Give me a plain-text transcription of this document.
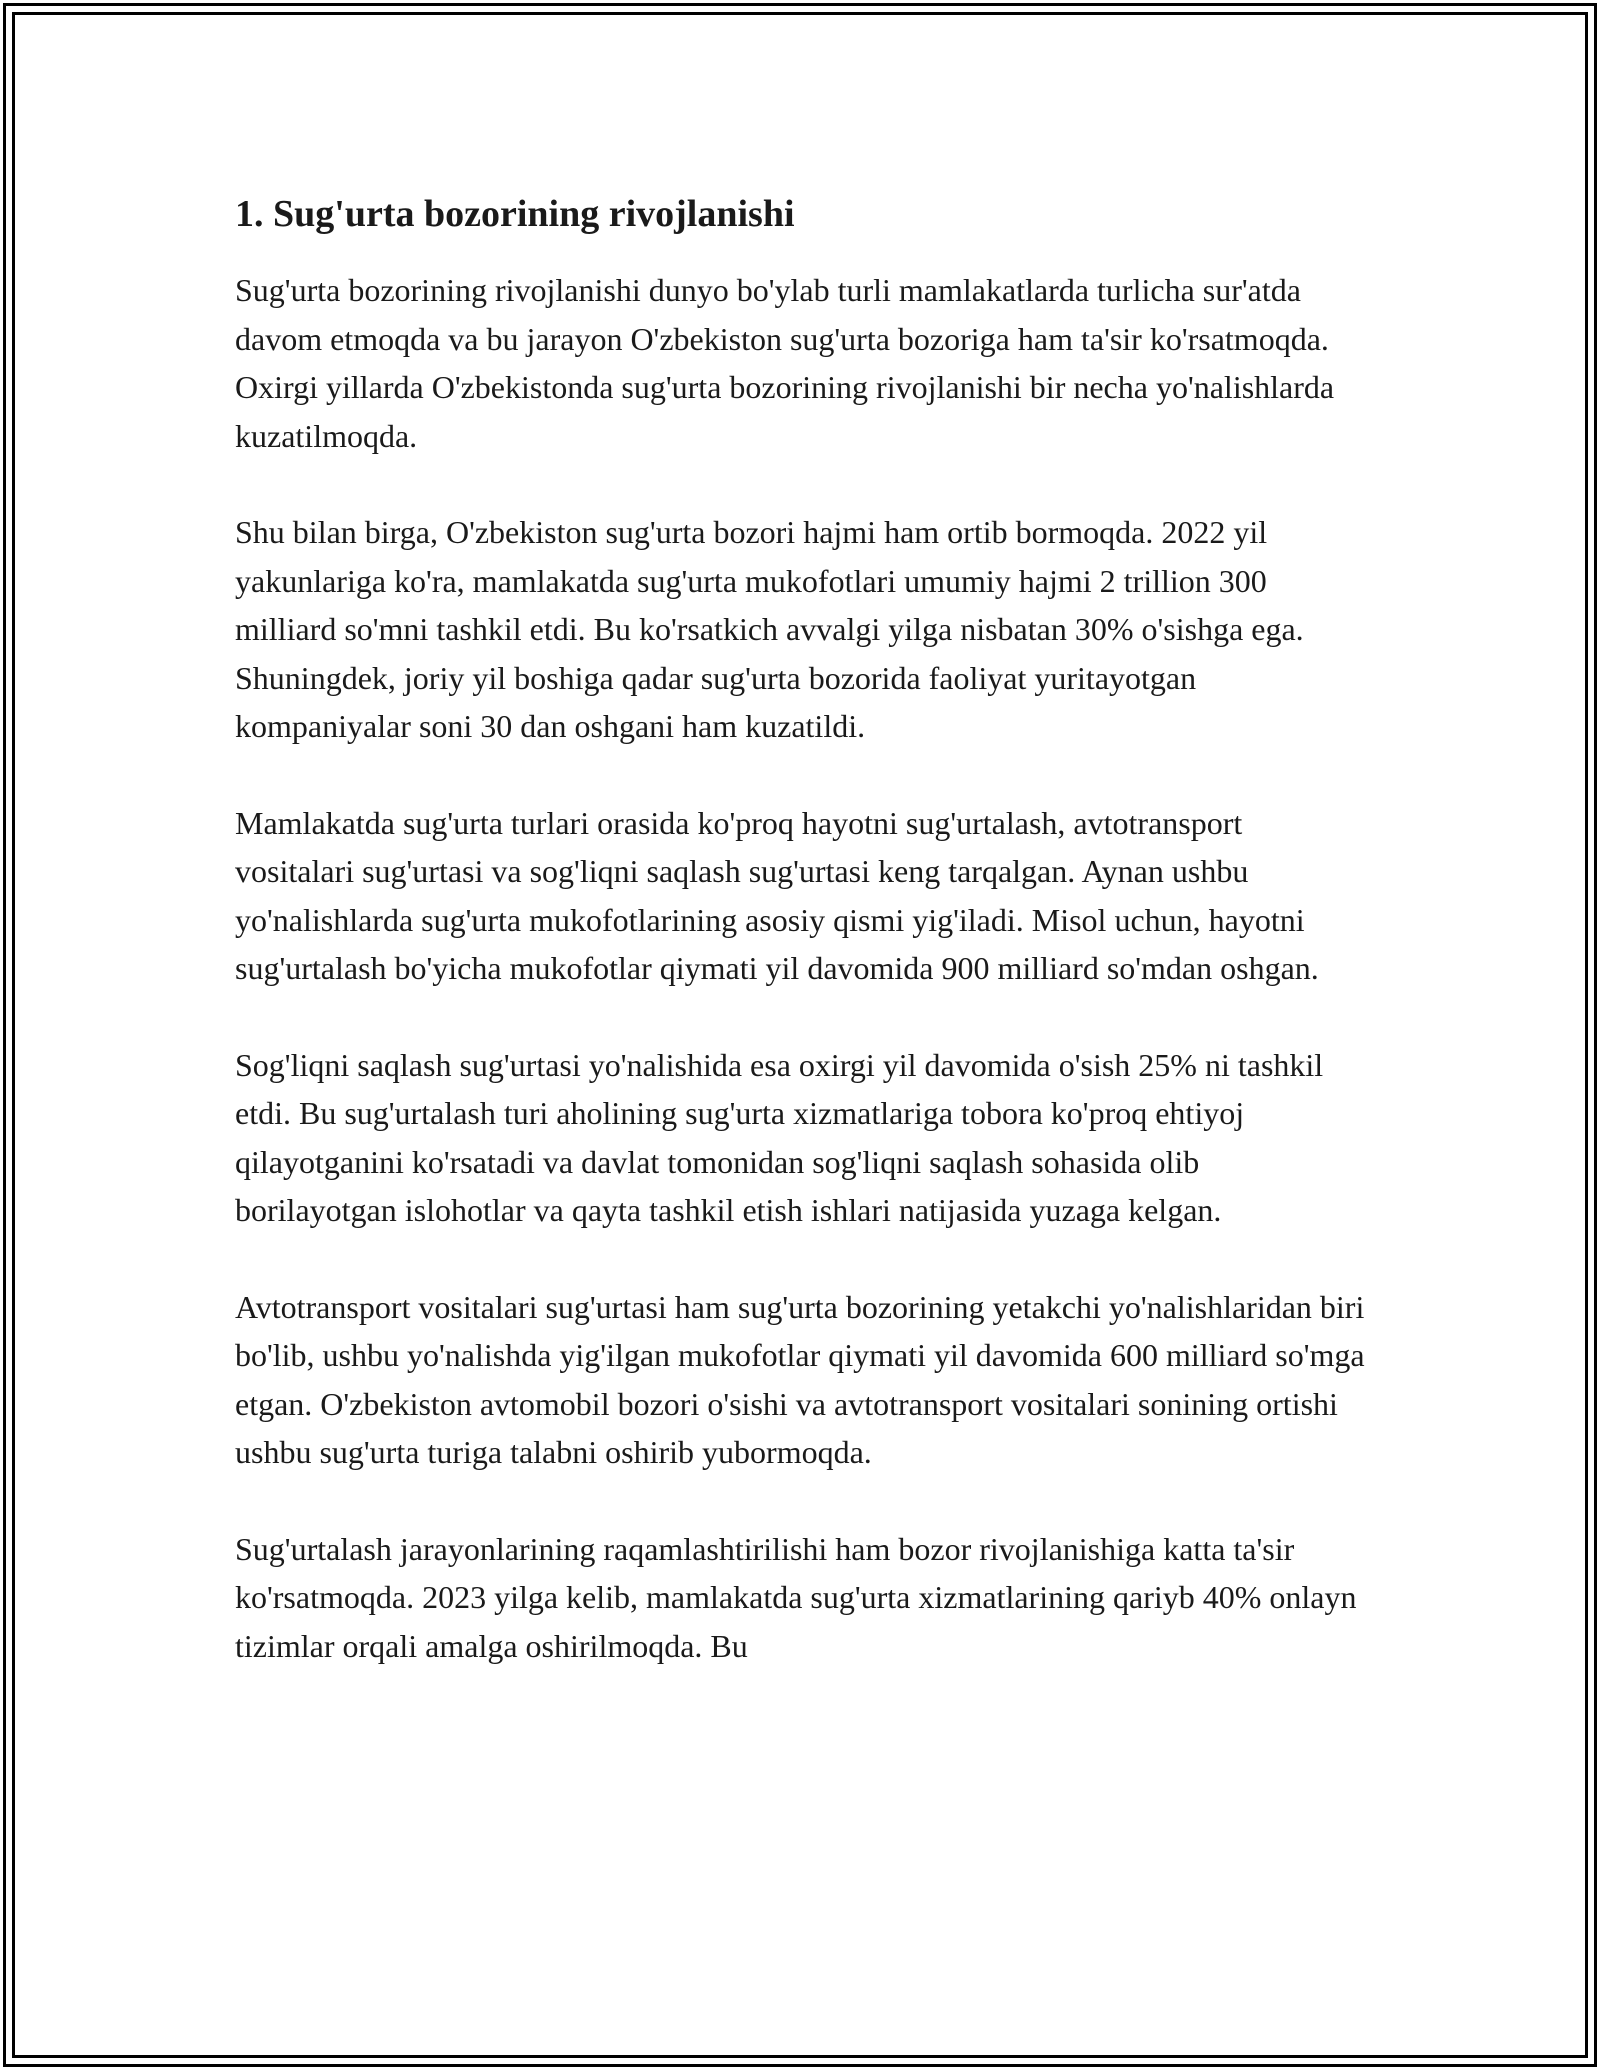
1. Sug'urta bozorining rivojlanishi

Sug'urta bozorining rivojlanishi dunyo bo'ylab turli mamlakatlarda turlicha sur'atda davom etmoqda va bu jarayon O'zbekiston sug'urta bozoriga ham ta'sir ko'rsatmoqda. Oxirgi yillarda O'zbekistonda sug'urta bozorining rivojlanishi bir necha yo'nalishlarda kuzatilmoqda.

Shu bilan birga, O'zbekiston sug'urta bozori hajmi ham ortib bormoqda. 2022 yil yakunlariga ko'ra, mamlakatda sug'urta mukofotlari umumiy hajmi 2 trillion 300 milliard so'mni tashkil etdi. Bu ko'rsatkich avvalgi yilga nisbatan 30% o'sishga ega. Shuningdek, joriy yil boshiga qadar sug'urta bozorida faoliyat yuritayotgan kompaniyalar soni 30 dan oshgani ham kuzatildi.

Mamlakatda sug'urta turlari orasida ko'proq hayotni sug'urtalash, avtotransport vositalari sug'urtasi va sog'liqni saqlash sug'urtasi keng tarqalgan. Aynan ushbu yo'nalishlarda sug'urta mukofotlarining asosiy qismi yig'iladi. Misol uchun, hayotni sug'urtalash bo'yicha mukofotlar qiymati yil davomida 900 milliard so'mdan oshgan.

Sog'liqni saqlash sug'urtasi yo'nalishida esa oxirgi yil davomida o'sish 25% ni tashkil etdi. Bu sug'urtalash turi aholining sug'urta xizmatlariga tobora ko'proq ehtiyoj qilayotganini ko'rsatadi va davlat tomonidan sog'liqni saqlash sohasida olib borilayotgan islohotlar va qayta tashkil etish ishlari natijasida yuzaga kelgan.

Avtotransport vositalari sug'urtasi ham sug'urta bozorining yetakchi yo'nalishlaridan biri bo'lib, ushbu yo'nalishda yig'ilgan mukofotlar qiymati yil davomida 600 milliard so'mga etgan. O'zbekiston avtomobil bozori o'sishi va avtotransport vositalari sonining ortishi ushbu sug'urta turiga talabni oshirib yubormoqda.

Sug'urtalash jarayonlarining raqamlashtirilishi ham bozor rivojlanishiga katta ta'sir ko'rsatmoqda. 2023 yilga kelib, mamlakatda sug'urta xizmatlarining qariyb 40% onlayn tizimlar orqali amalga oshirilmoqda. Bu
